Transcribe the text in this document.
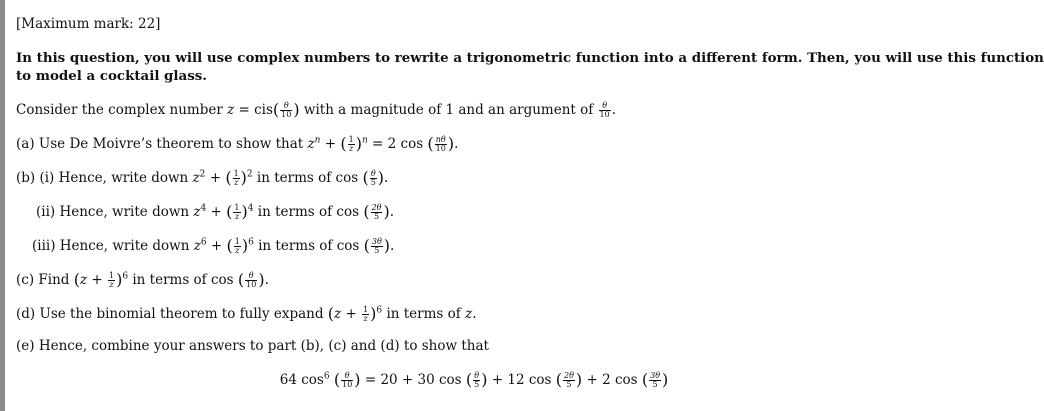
[Maximum mark: 22]
In this question, you will use complex numbers to rewrite a trigonometric function into a different form. Then, you will use this function
to model a cocktail glass.
Consider the complex number $z = cis( \frac{\theta}{10}$ ) with a magnitude of 1 and an argument of $\frac{\theta}{10}$ .
(a) Use De Moivre’s theorem to show that $z^n$ + ( $\frac{1}{z} )^n = 2$ cos ( $\frac{n\theta}{10}$ ).
(b) (i) Hence, write down $z^2$ + ( $\frac{1}{z} )^2$ in terms of cos ( $\frac{\theta}{5}$ ).
(ii) Hence, write down $z^4$ + ( $\frac{1}{z} )^4$ in terms of cos ( $\frac{2\theta}{5}$ ).
(iii) Hence, write down $z^6$ + ( $\frac{1}{z} )^6$ in terms of cos ( $\frac{3\theta}{5}$ ).
(c) Find $(z + \frac{1}{z} )^6$ in terms of cos ( $\frac{\theta}{10}$ ).
(d) Use the binomial theorem to fully expand $(z + \frac{1}{z} )^6$ in terms of z.
(e) Hence, combine your answers to part (b), (c) and (d) to show that
64 $\cos^6$ ( $\frac{\theta}{10}$ ) = 20 + 30 cos ( $\frac{\theta}{5}$ ) + 12 cos ( $\frac{2\theta}{5}$ ) + 2 cos ( $\frac{3\theta}{5}$ )
